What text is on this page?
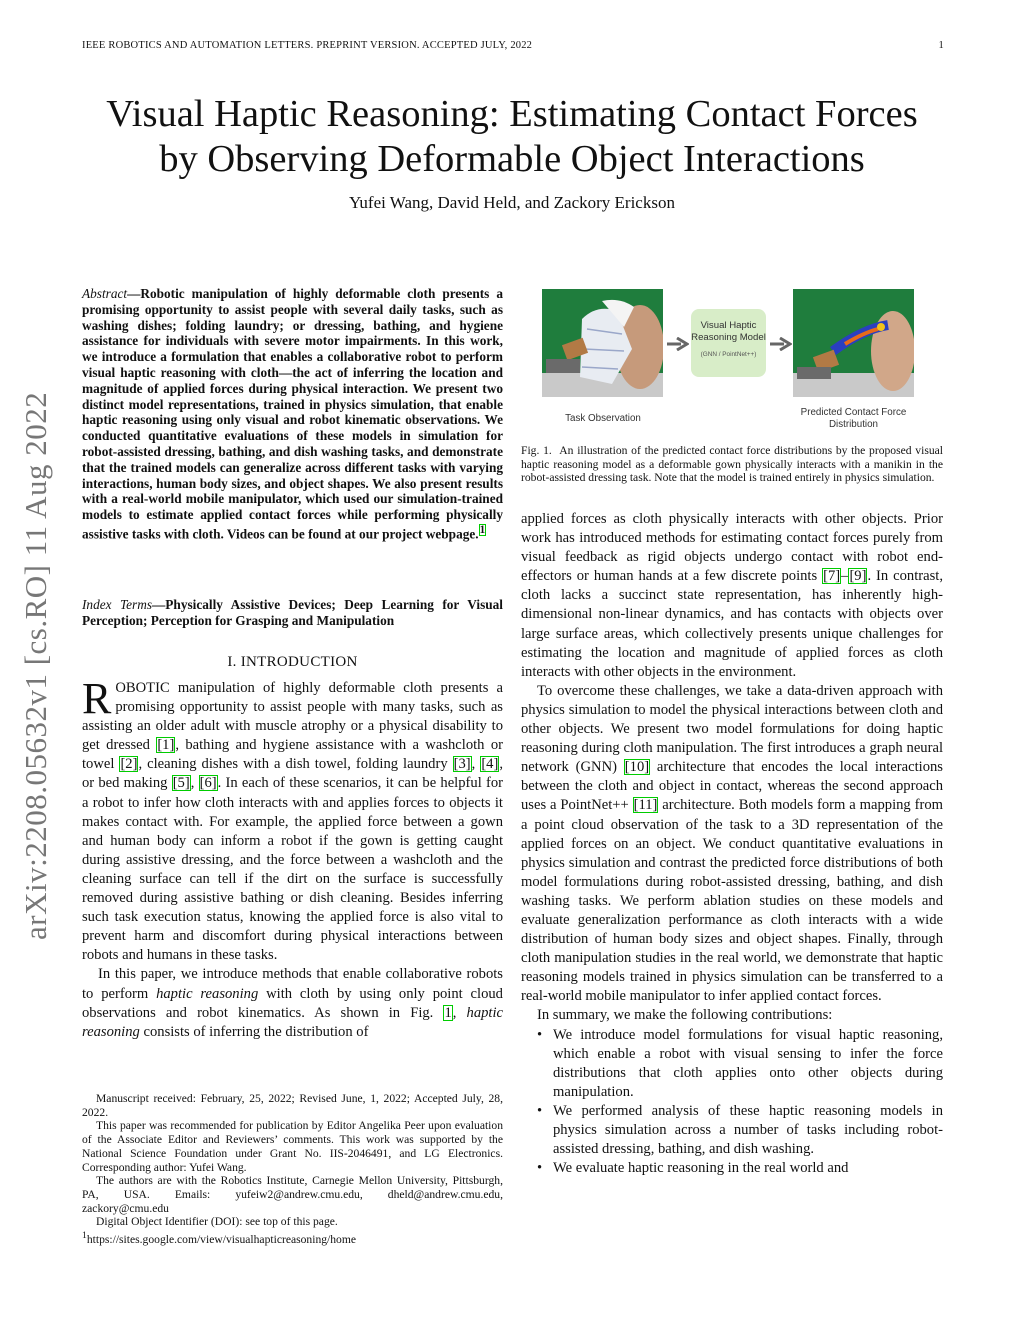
IEEE ROBOTICS AND AUTOMATION LETTERS. PREPRINT VERSION. ACCEPTED JULY, 2022	1
Visual Haptic Reasoning: Estimating Contact Forces
by Observing Deformable Object Interactions
Yufei Wang, David Held, and Zackory Erickson
arXiv:2208.05632v1 [cs.RO] 11 Aug 2022
Abstract—Robotic manipulation of highly deformable cloth presents a promising opportunity to assist people with several daily tasks, such as washing dishes; folding laundry; or dressing, bathing, and hygiene assistance for individuals with severe motor impairments. In this work, we introduce a formulation that enables a collaborative robot to perform visual haptic reasoning with cloth—the act of inferring the location and magnitude of applied forces during physical interaction. We present two distinct model representations, trained in physics simulation, that enable haptic reasoning using only visual and robot kinematic observations. We conducted quantitative evaluations of these models in simulation for robot-assisted dressing, bathing, and dish washing tasks, and demonstrate that the trained models can generalize across different tasks with varying interactions, human body sizes, and object shapes. We also present results with a real-world mobile manipulator, which used our simulation-trained models to estimate applied contact forces while performing physically assistive tasks with cloth. Videos can be found at our project webpage.$^1$
Index Terms—Physically Assistive Devices; Deep Learning for Visual Perception; Perception for Grasping and Manipulation
I. INTRODUCTION

ROBOTIC manipulation of highly deformable cloth presents a promising opportunity to assist people with many tasks, such as assisting an older adult with muscle atrophy or a physical disability to get dressed [1], bathing and hygiene assistance with a washcloth or towel [2], cleaning dishes with a dish towel, folding laundry [3], [4], or bed making [5], [6]. In each of these scenarios, it can be helpful for a robot to infer how cloth interacts with and applies forces to objects it makes contact with. For example, the applied force between a gown and human body can inform a robot if the gown is getting caught during assistive dressing, and the force between a washcloth and the cleaning surface can tell if the dirt on the surface is successfully removed during assistive bathing or dish cleaning. Besides inferring such task execution status, knowing the applied force is also vital to prevent harm and discomfort during physical interactions between robots and humans in these tasks.

In this paper, we introduce methods that enable collaborative robots to perform haptic reasoning with cloth by using only point cloud observations and robot kinematics. As shown in Fig. 1, haptic reasoning consists of inferring the distribution of

Manuscript received: February, 25, 2022; Revised June, 1, 2022; Accepted July, 28, 2022.

This paper was recommended for publication by Editor Angelika Peer upon evaluation of the Associate Editor and Reviewers’ comments. This work was supported by the National Science Foundation under Grant No. IIS-2046491, and LG Electronics. Corresponding author: Yufei Wang.

The authors are with the Robotics Institute, Carnegie Mellon University, Pittsburgh, PA, USA. Emails: yufeiw2@andrew.cmu.edu, dheld@andrew.cmu.edu, zackory@cmu.edu

Digital Object Identifier (DOI): see top of this page.

$^1$https://sites.google.com/view/visualhapticreasoning/home

Visual Haptic Reasoning Model
(GNN / PointNet++)
Task Observation
Predicted Contact Force Distribution
Fig. 1. An illustration of the predicted contact force distributions by the proposed visual haptic reasoning model as a deformable gown physically interacts with a manikin in the robot-assisted dressing task. Note that the model is trained entirely in physics simulation.

applied forces as cloth physically interacts with other objects. Prior work has introduced methods for estimating contact forces purely from visual feedback as rigid objects undergo contact with robot end-effectors or human hands at a few discrete points [7]–[9]. In contrast, cloth lacks a succinct state representation, has inherently high-dimensional non-linear dynamics, and has contacts with objects over large surface areas, which collectively presents unique challenges for estimating the location and magnitude of applied forces as cloth interacts with other objects in the environment.

To overcome these challenges, we take a data-driven approach with physics simulation to model the physical interactions between cloth and other objects. We present two model formulations for doing haptic reasoning during cloth manipulation. The first introduces a graph neural network (GNN) [10] architecture that encodes the local interactions between the cloth and object in contact, whereas the second approach uses a PointNet++ [11] architecture. Both models form a mapping from a point cloud observation of the task to a 3D representation of the applied forces on an object. We conduct quantitative evaluations in physics simulation and contrast the predicted force distributions of both model formulations during robot-assisted dressing, bathing, and dish washing tasks. We perform ablation studies on these models and evaluate generalization performance as cloth interacts with a wide distribution of human body sizes and object shapes. Finally, through cloth manipulation studies in the real world, we demonstrate that haptic reasoning models trained in physics simulation can be transferred to a real-world mobile manipulator to infer applied contact forces.

In summary, we make the following contributions:

• We introduce model formulations for visual haptic reasoning, which enable a robot with visual sensing to infer the force distributions that cloth applies onto other objects during manipulation.
• We performed analysis of these haptic reasoning models in physics simulation across a number of tasks including robot-assisted dressing, bathing, and dish washing.
• We evaluate haptic reasoning in the real world and
